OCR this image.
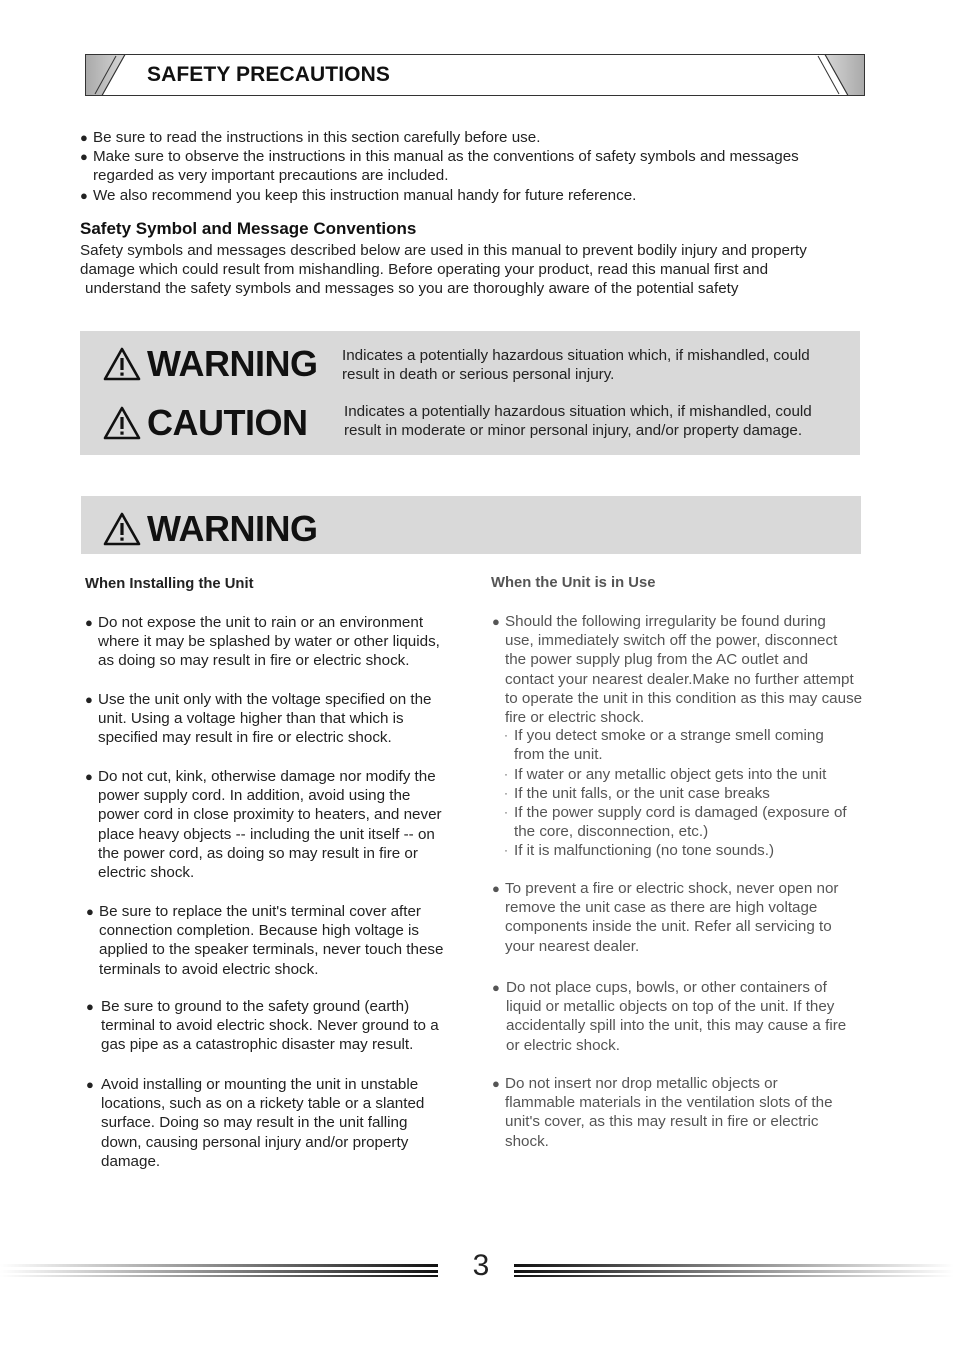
SAFETY PRECAUTIONS
● Be sure to read the instructions in this section carefully before use.
● Make sure to observe the instructions in this manual as the conventions of safety symbols and messages
regarded as very important precautions are included.
● We also recommend you keep this instruction manual handy for future reference.
Safety Symbol and Message Conventions

Safety symbols and messages described below are used in this manual to prevent bodily injury and property

damage which could result from mishandling. Before operating your product, read this manual first and

understand the safety symbols and messages so you are thoroughly aware of the potential safety

WARNING Indicates a potentially hazardous situation which, if mishandled, could
result in death or serious personal injury.
CAUTION Indicates a potentially hazardous situation which, if mishandled, could
result in moderate or minor personal injury, and/or property damage.
WARNING
When Installing the Unit
● Do not expose the unit to rain or an environment
where it may be splashed by water or other liquids,
as doing so may result in fire or electric shock.
● Use the unit only with the voltage specified on the
unit. Using a voltage higher than that which is
specified may result in fire or electric shock.
● Do not cut, kink, otherwise damage nor modify the
power supply cord. In addition, avoid using the
power cord in close proximity to heaters, and never
place heavy objects -- including the unit itself -- on
the power cord, as doing so may result in fire or
electric shock.
● Be sure to replace the unit's terminal cover after
connection completion. Because high voltage is
applied to the speaker terminals, never touch these
terminals to avoid electric shock.
● Be sure to ground to the safety ground (earth)
terminal to avoid electric shock. Never ground to a
gas pipe as a catastrophic disaster may result.
● Avoid installing or mounting the unit in unstable
locations, such as on a rickety table or a slanted
surface. Doing so may result in the unit falling
down, causing personal injury and/or property
damage.
When the Unit is in Use
● Should the following irregularity be found during
use, immediately switch off the power, disconnect
the power supply plug from the AC outlet and
contact your nearest dealer.Make no further attempt
to operate the unit in this condition as this may cause
fire or electric shock.
· If you detect smoke or a strange smell coming
from the unit.
· If water or any metallic object gets into the unit
· If the unit falls, or the unit case breaks
· If the power supply cord is damaged (exposure of
the core, disconnection, etc.)
· If it is malfunctioning (no tone sounds.)
● To prevent a fire or electric shock, never open nor
remove the unit case as there are high voltage
components inside the unit. Refer all servicing to
your nearest dealer.
● Do not place cups, bowls, or other containers of
liquid or metallic objects on top of the unit. If they
accidentally spill into the unit, this may cause a fire
or electric shock.
● Do not insert nor drop metallic objects or
flammable materials in the ventilation slots of the
unit's cover, as this may result in fire or electric
shock.
3
